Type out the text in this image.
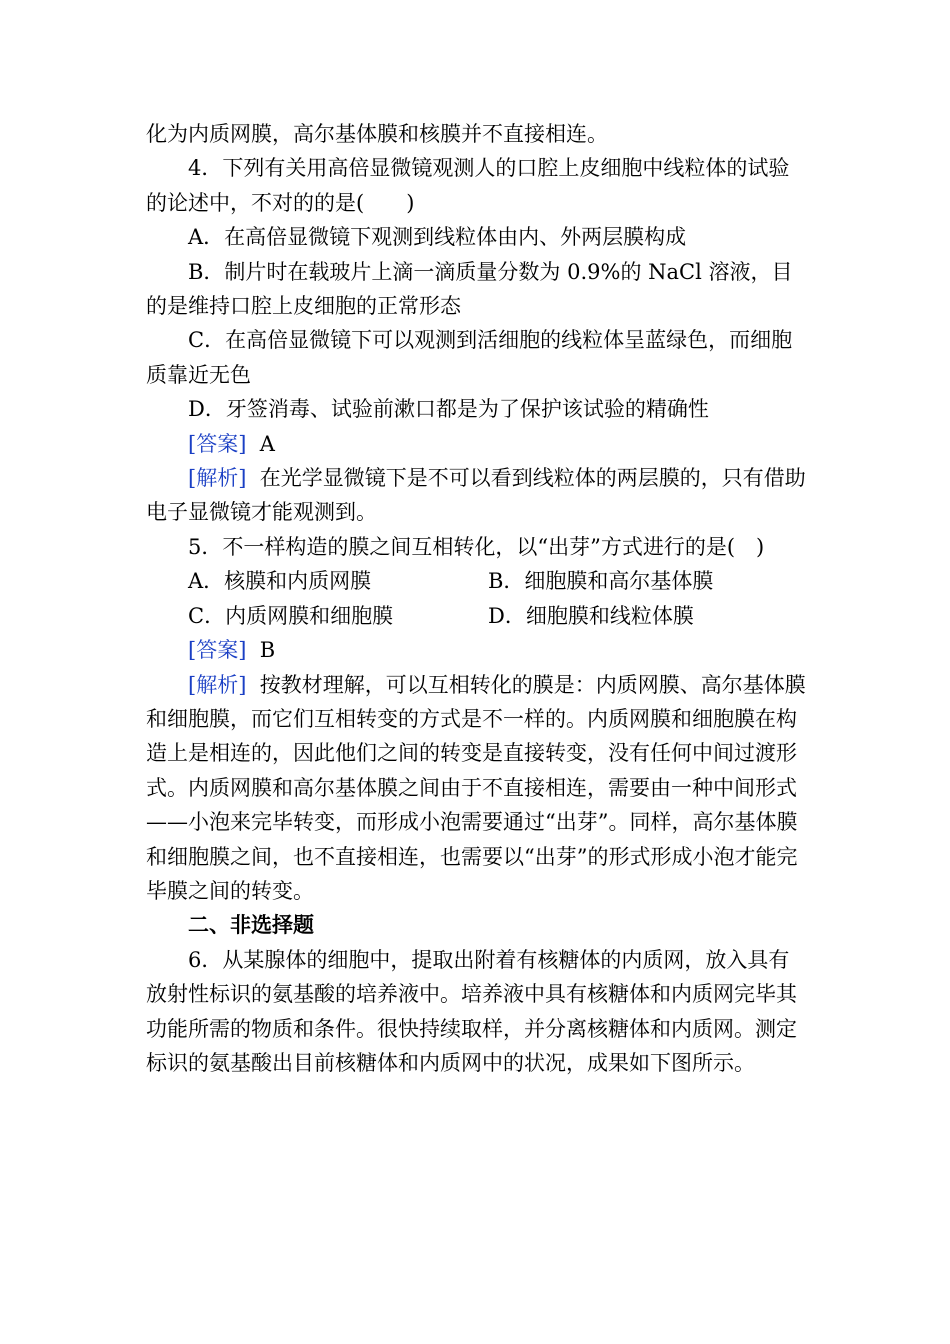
化为内质网膜，高尔基体膜和核膜并不直接相连。

4．下列有关用高倍显微镜观测人的口腔上皮细胞中线粒体的试验的论述中，不对的的是(　　)

A．在高倍显微镜下观测到线粒体由内、外两层膜构成

B．制片时在载玻片上滴一滴质量分数为 0.9%的 NaCl 溶液，目的是维持口腔上皮细胞的正常形态

C．在高倍显微镜下可以观测到活细胞的线粒体呈蓝绿色，而细胞质靠近无色

D．牙签消毒、试验前漱口都是为了保护该试验的精确性

[答案] A

[解析] 在光学显微镜下是不可以看到线粒体的两层膜的，只有借助电子显微镜才能观测到。

5．不一样构造的膜之间互相转化，以“出芽”方式进行的是(　)

A．核膜和内质网膜	B．细胞膜和高尔基体膜
C．内质网膜和细胞膜	D．细胞膜和线粒体膜

[答案] B

[解析] 按教材理解，可以互相转化的膜是：内质网膜、高尔基体膜和细胞膜，而它们互相转变的方式是不一样的。内质网膜和细胞膜在构造上是相连的，因此他们之间的转变是直接转变，没有任何中间过渡形式。内质网膜和高尔基体膜之间由于不直接相连，需要由一种中间形式——小泡来完毕转变，而形成小泡需要通过“出芽”。同样，高尔基体膜和细胞膜之间，也不直接相连，也需要以“出芽”的形式形成小泡才能完毕膜之间的转变。

二、非选择题

6．从某腺体的细胞中，提取出附着有核糖体的内质网，放入具有放射性标识的氨基酸的培养液中。培养液中具有核糖体和内质网完毕其功能所需的物质和条件。很快持续取样，并分离核糖体和内质网。测定标识的氨基酸出目前核糖体和内质网中的状况，成果如下图所示。
